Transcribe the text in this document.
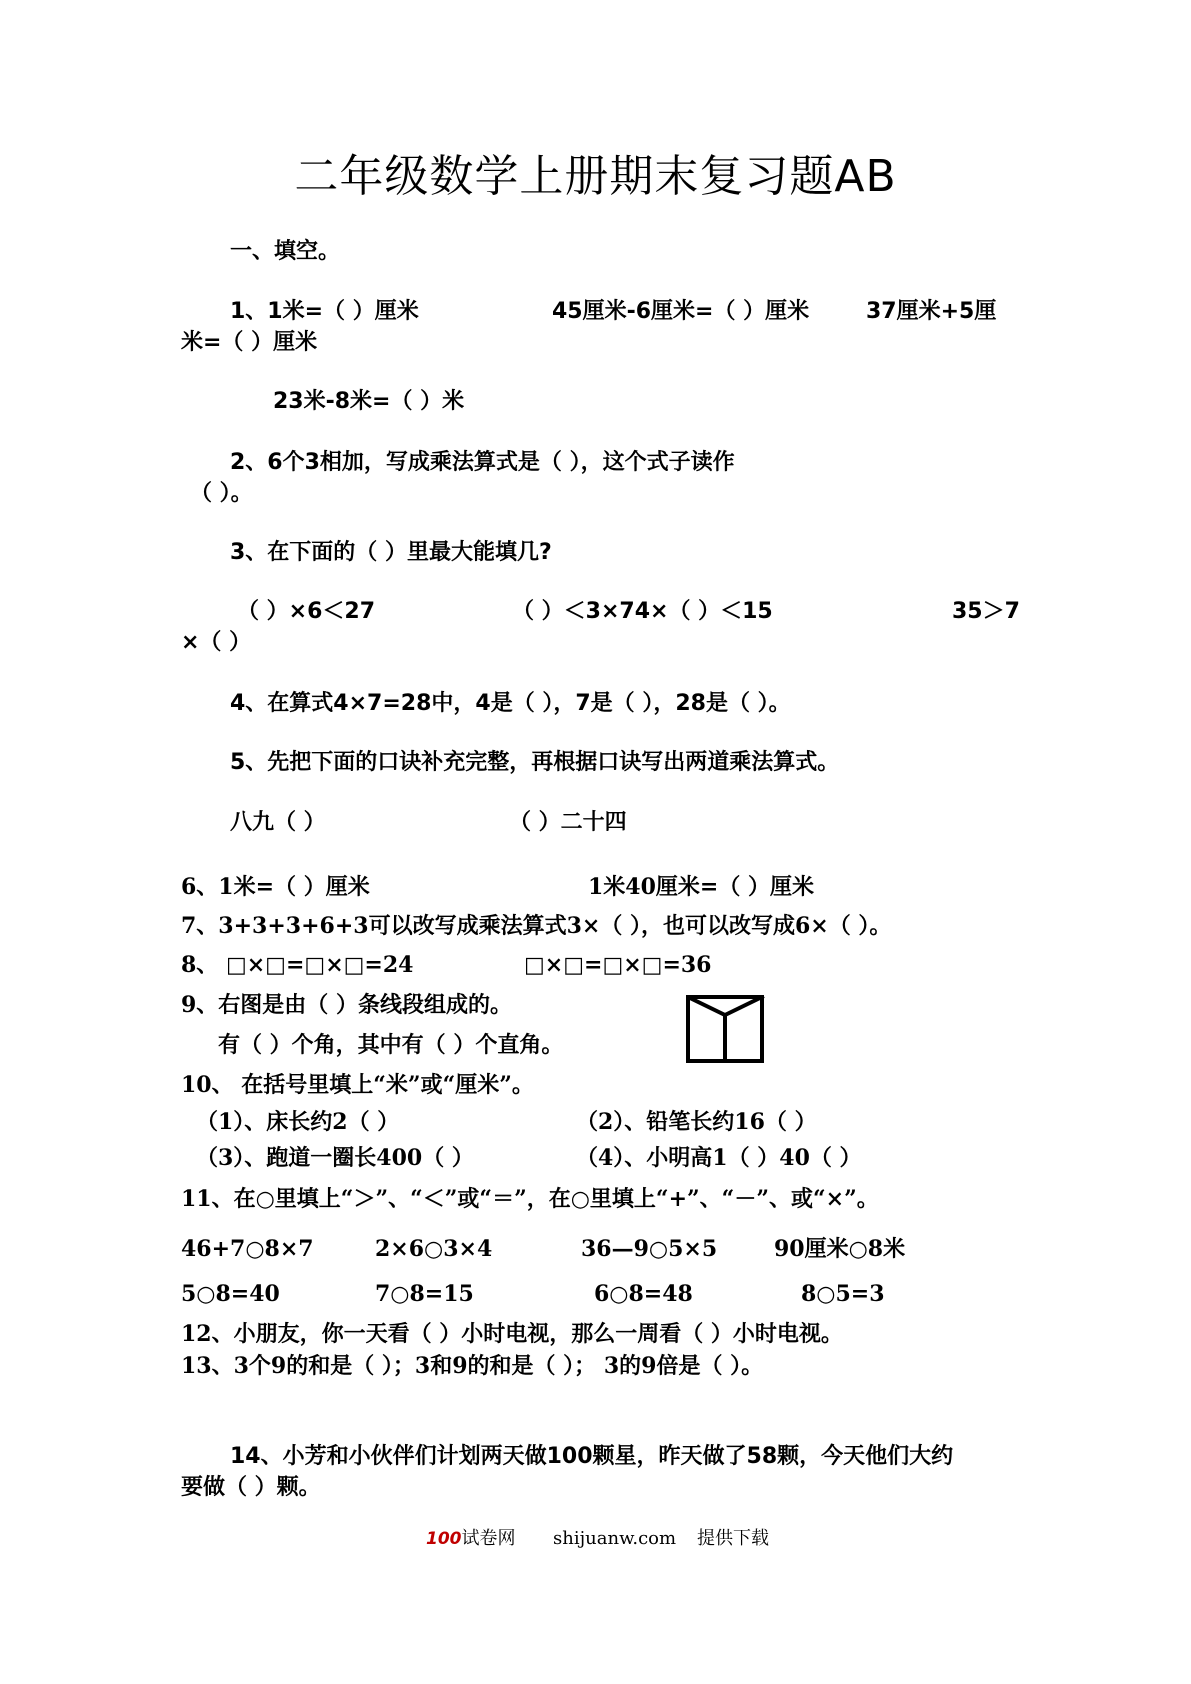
二年级数学上册期末复习题AB
一、填空。
1、1米=（ ）厘米	45厘米-6厘米=（ ）厘米	37厘米+5厘
米=（ ）厘米
23米-8米=（ ）米
2、6个3相加，写成乘法算式是（ ），这个式子读作
（ ）。
3、在下面的（ ）里最大能填几?
（ ）×6＜27	（ ）＜3×74×（ ）＜15	35＞7
×（ ）
4、在算式4×7=28中，4是（ ），7是（ ），28是（ ）。
5、先把下面的口诀补充完整，再根据口诀写出两道乘法算式。
八九（ ）	（ ）二十四
6、1米=（ ）厘米	1米40厘米=（ ）厘米
7、3+3+3+6+3可以改写成乘法算式3×（ ），也可以改写成6×（ ）。
8、 □×□=□×□=24	□×□=□×□=36
9、右图是由（ ）条线段组成的。
有（ ）个角，其中有（ ）个直角。
10、 在括号里填上“米”或“厘米”。
（1）、床长约2（ ）	（2）、铅笔长约16（ ）
（3）、跑道一圈长400（ ）	（4）、小明高1（ ）40（ ）
11、在○里填上“＞”、“＜”或“＝”，在○里填上“+”、“－”、或“×”。
46+7○8×7	2×6○3×4	36—9○5×5	90厘米○8米
5○8=40	7○8=15	6○8=48	8○5=3
12、小朋友，你一天看（ ）小时电视，那么一周看（ ）小时电视。
13、3个9的和是（ ）；3和9的和是（ ）； 3的9倍是（ ）。
14、小芳和小伙伴们计划两天做100颗星，昨天做了58颗，今天他们大约
要做（ ）颗。
100试卷网 shijuanw.com 提供下载
